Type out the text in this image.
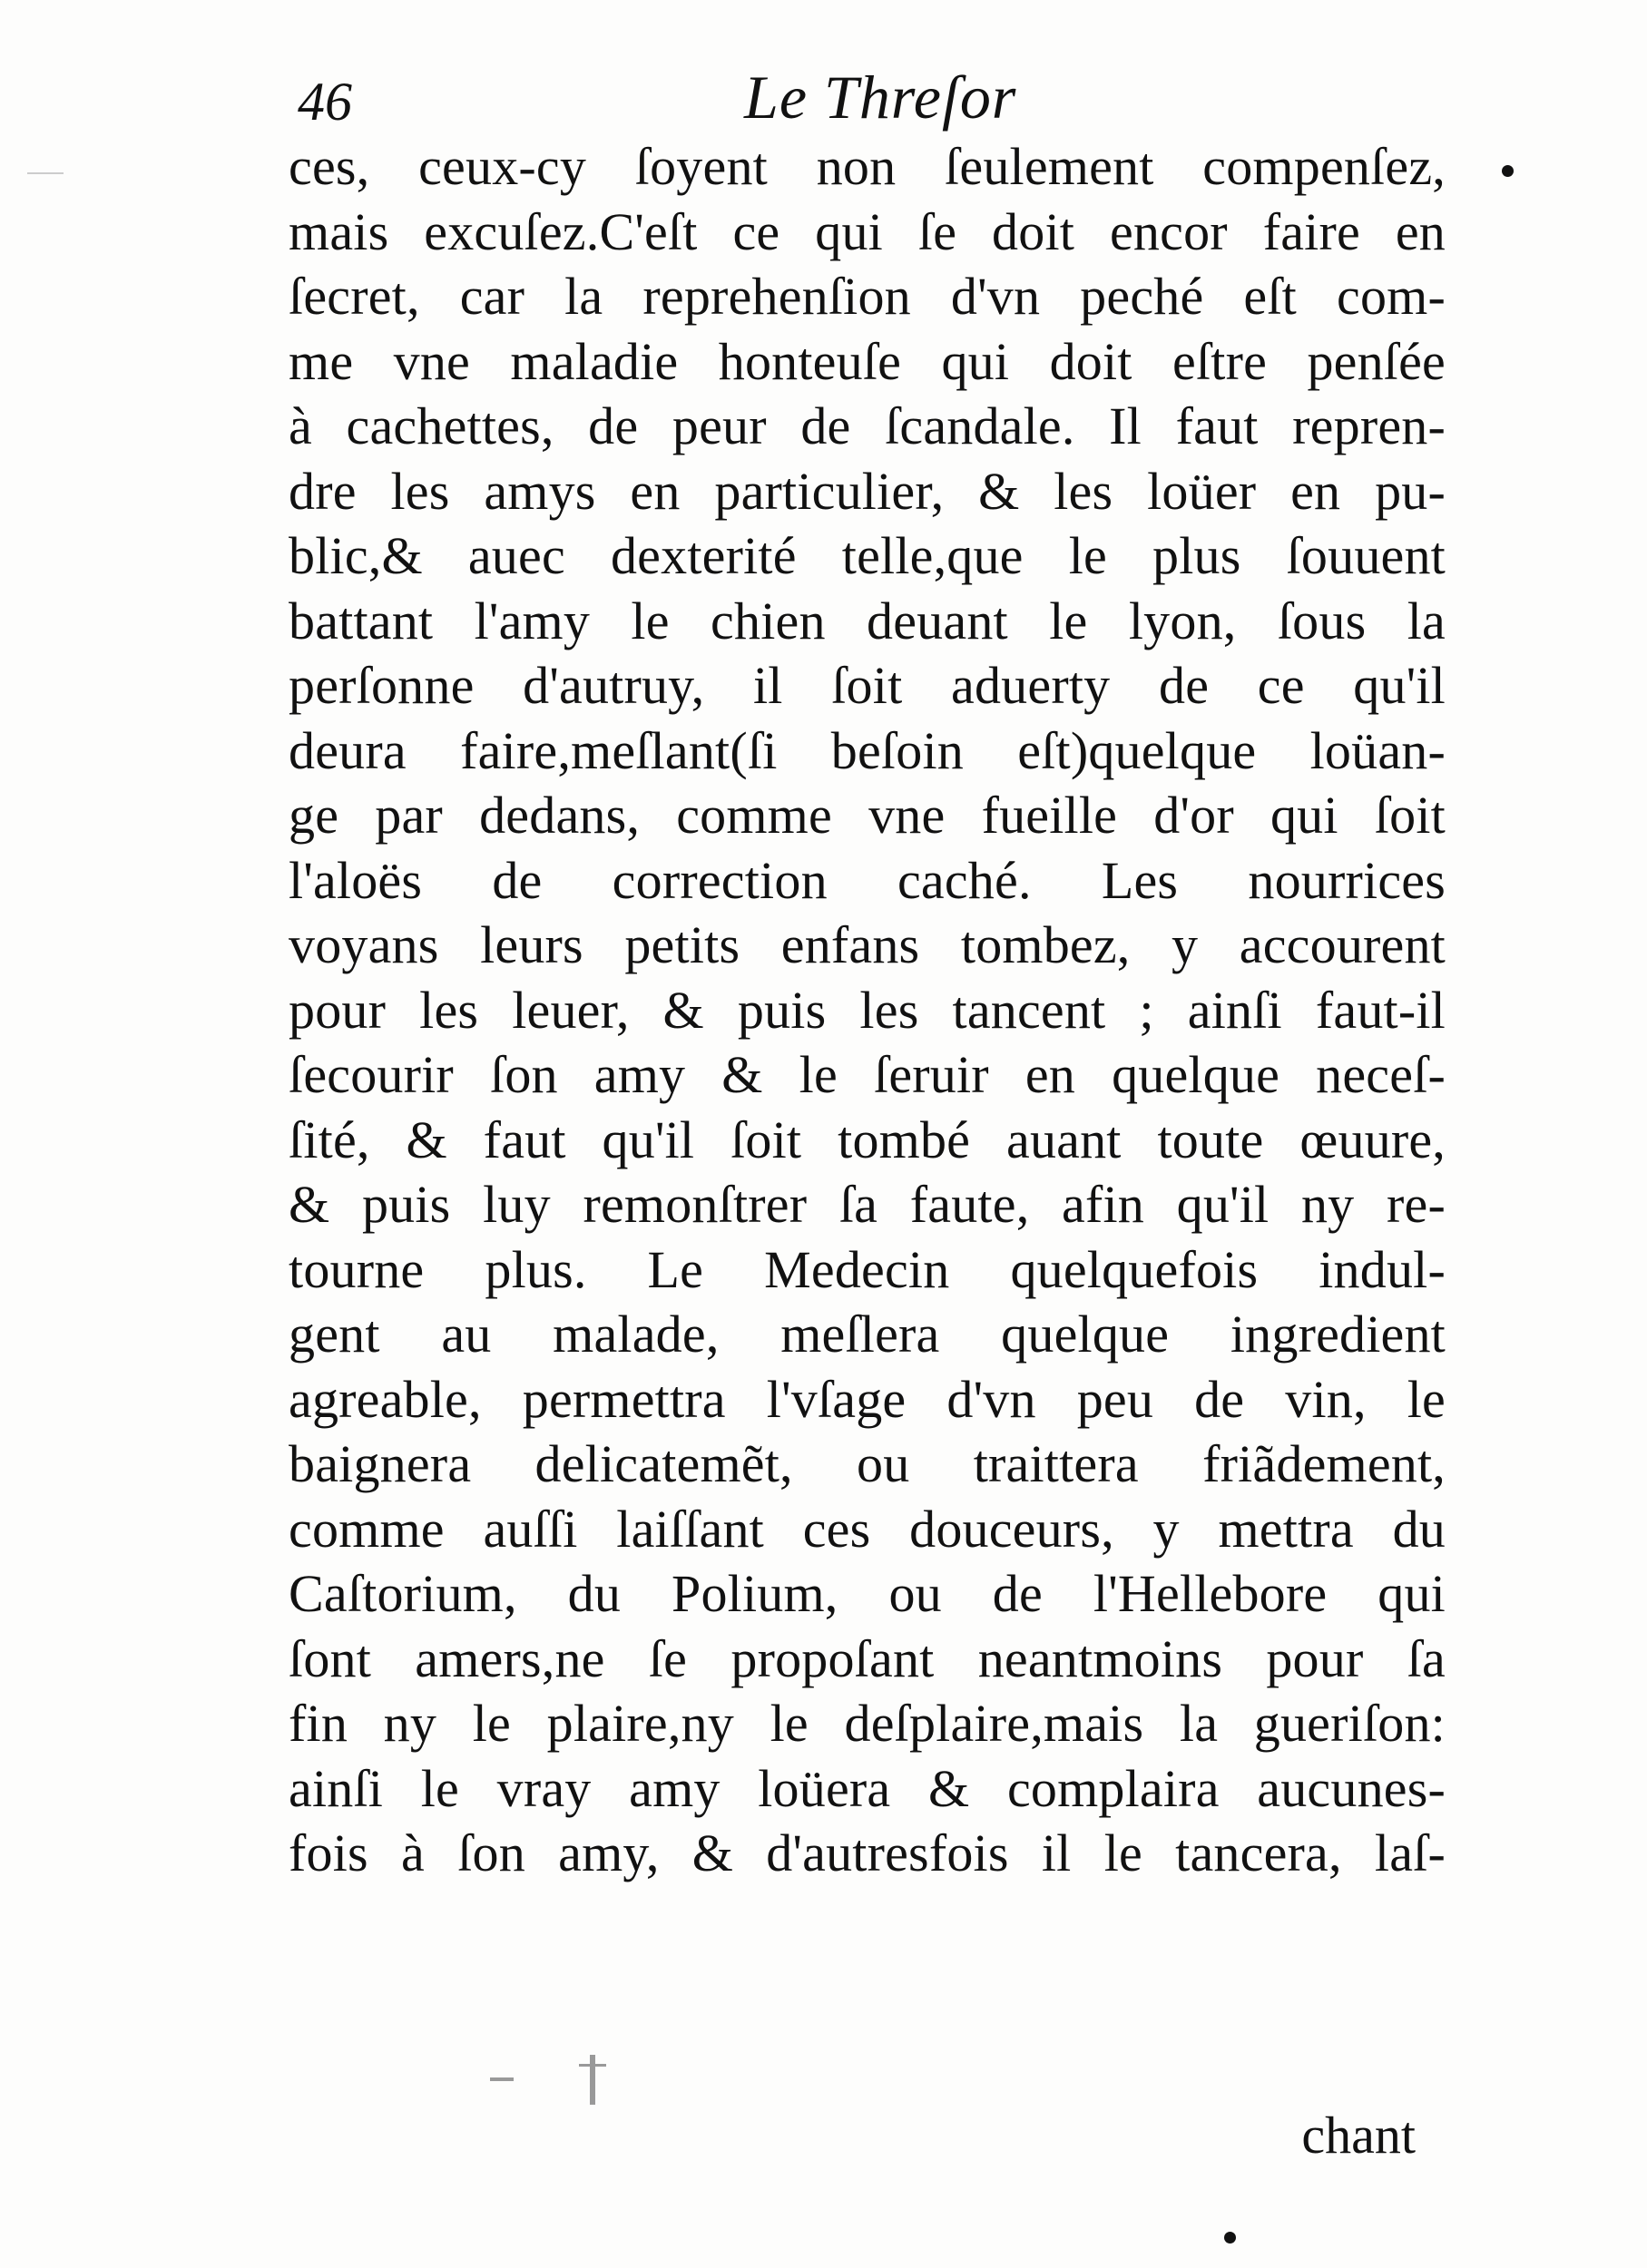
46	Le Threſor
ces, ceux-cy ſoyent non ſeulement compenſez,
mais excuſez.C'eſt ce qui ſe doit encor faire en
ſecret, car la reprehenſion d'vn peché eſt com-
me vne maladie honteuſe qui doit eſtre penſée
à cachettes, de peur de ſcandale. Il faut repren-
dre les amys en particulier, & les loüer en pu-
blic,& auec dexterité telle,que le plus ſouuent
battant l'amy le chien deuant le lyon, ſous la
perſonne d'autruy, il ſoit aduerty de ce qu'il
deura faire,meſlant(ſi beſoin eſt)quelque loüan-
ge par dedans, comme vne fueille d'or qui ſoit
l'aloës de correction caché. Les nourrices
voyans leurs petits enfans tombez, y accourent
pour les leuer, & puis les tancent ; ainſi faut-il
ſecourir ſon amy & le ſeruir en quelque neceſ-
ſité, & faut qu'il ſoit tombé auant toute œuure,
& puis luy remonſtrer ſa faute, afin qu'il ny re-
tourne plus. Le Medecin quelquefois indul-
gent au malade, meſlera quelque ingredient
agreable, permettra l'vſage d'vn peu de vin, le
baignera delicatemẽt, ou traittera friãdement,
comme auſſi laiſſant ces douceurs, y mettra du
Caſtorium, du Polium, ou de l'Hellebore qui
ſont amers,ne ſe propoſant neantmoins pour ſa
fin ny le plaire,ny le deſplaire,mais la gueriſon:
ainſi le vray amy loüera & complaira aucunes-
fois à ſon amy, & d'autresfois il le tancera, laſ-
chant
